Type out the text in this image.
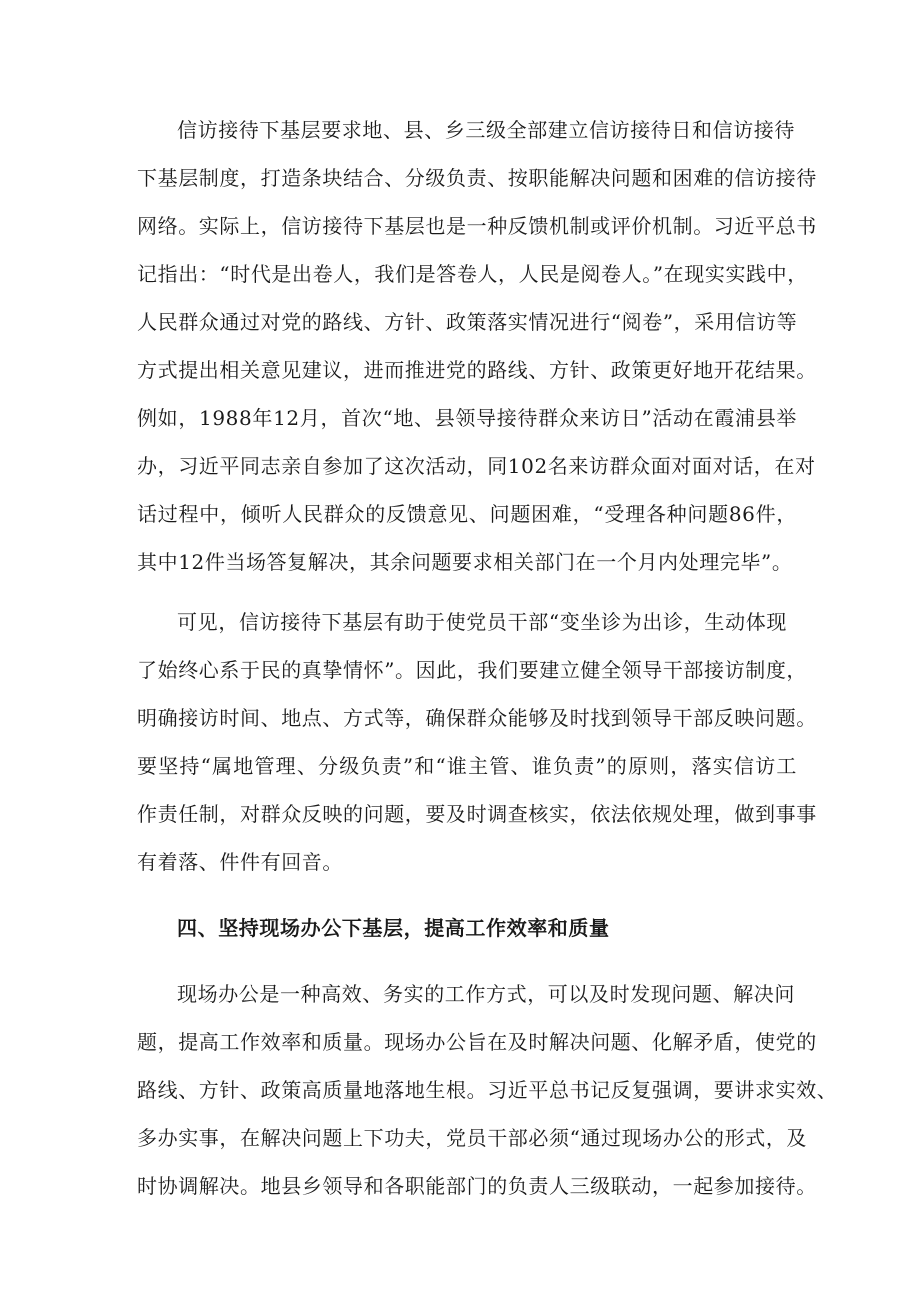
信访接待下基层要求地、县、乡三级全部建立信访接待日和信访接待
下基层制度，打造条块结合、分级负责、按职能解决问题和困难的信访接待
网络。实际上，信访接待下基层也是一种反馈机制或评价机制。习近平总书
记指出：“时代是出卷人，我们是答卷人，人民是阅卷人。”在现实实践中，
人民群众通过对党的路线、方针、政策落实情况进行“阅卷”，采用信访等
方式提出相关意见建议，进而推进党的路线、方针、政策更好地开花结果。
例如，1988年12月，首次“地、县领导接待群众来访日”活动在霞浦县举
办，习近平同志亲自参加了这次活动，同102名来访群众面对面对话，在对
话过程中，倾听人民群众的反馈意见、问题困难，“受理各种问题86件，
其中12件当场答复解决，其余问题要求相关部门在一个月内处理完毕”。
可见，信访接待下基层有助于使党员干部“变坐诊为出诊，生动体现
了始终心系于民的真挚情怀”。因此，我们要建立健全领导干部接访制度，
明确接访时间、地点、方式等，确保群众能够及时找到领导干部反映问题。
要坚持“属地管理、分级负责”和“谁主管、谁负责”的原则，落实信访工
作责任制，对群众反映的问题，要及时调查核实，依法依规处理，做到事事
有着落、件件有回音。
四、坚持现场办公下基层，提高工作效率和质量
现场办公是一种高效、务实的工作方式，可以及时发现问题、解决问
题，提高工作效率和质量。现场办公旨在及时解决问题、化解矛盾，使党的
路线、方针、政策高质量地落地生根。习近平总书记反复强调，要讲求实效、
多办实事，在解决问题上下功夫，党员干部必须“通过现场办公的形式，及
时协调解决。地县乡领导和各职能部门的负责人三级联动，一起参加接待。
